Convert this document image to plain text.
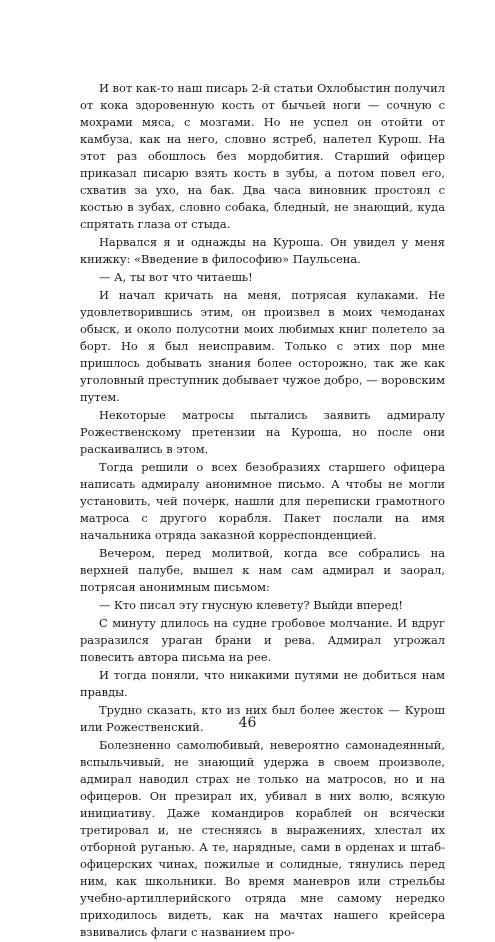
И вот как-то наш писарь 2-й статьи Охлобыстин получил от кока здоровенную кость от бычьей ноги — сочную с мохрами мяса, с мозгами. Но не успел он отойти от камбуза, как на него, словно ястреб, налетел Курош. На этот раз обошлось без мордобития. Старший офицер приказал писарю взять кость в зубы, а потом повел его, схватив за ухо, на бак. Два часа виновник простоял с костью в зубах, словно собака, бледный, не знающий, куда спрятать глаза от стыда.

Нарвался я и однажды на Куроша. Он увидел у меня книжку: «Введение в философию» Паульсена.

— А, ты вот что читаешь!

И начал кричать на меня, потрясая кулаками. Не удовлетворившись этим, он произвел в моих чемоданах обыск, и около полусотни моих любимых книг полетело за борт. Но я был неисправим. Только с этих пор мне пришлось добывать знания более осторожно, так же как уголовный преступник добывает чужое добро, — воровским путем.

Некоторые матросы пытались заявить адмиралу Рожественскому претензии на Куроша, но после они раскаивались в этом.

Тогда решили о всех безобразиях старшего офицера написать адмиралу анонимное письмо. А чтобы не могли установить, чей почерк, нашли для переписки грамотного матроса с другого корабля. Пакет послали на имя начальника отряда заказной корреспонденцией.

Вечером, перед молитвой, когда все собрались на верхней палубе, вышел к нам сам адмирал и заорал, потрясая анонимным письмом:

— Кто писал эту гнусную клевету? Выйди вперед!

С минуту длилось на судне гробовое молчание. И вдруг разразился ураган брани и рева. Адмирал угрожал повесить автора письма на рее.

И тогда поняли, что никакими путями не добиться нам правды.

Трудно сказать, кто из них был более жесток — Курош или Рожественский.

Болезненно самолюбивый, невероятно самонадеянный, вспыльчивый, не знающий удержа в своем произволе, адмирал наводил страх не только на матросов, но и на офицеров. Он презирал их, убивал в них волю, всякую инициативу. Даже командиров кораблей он всячески третировал и, не стесняясь в выражениях, хлестал их отборной руганью. А те, нарядные, сами в орденах и штаб-офицерских чинах, пожилые и солидные, тянулись перед ним, как школьники. Во время маневров или стрельбы учебно-артиллерийского отряда мне самому нередко приходилось видеть, как на мачтах нашего крейсера взвивались флаги с названием про-

46
